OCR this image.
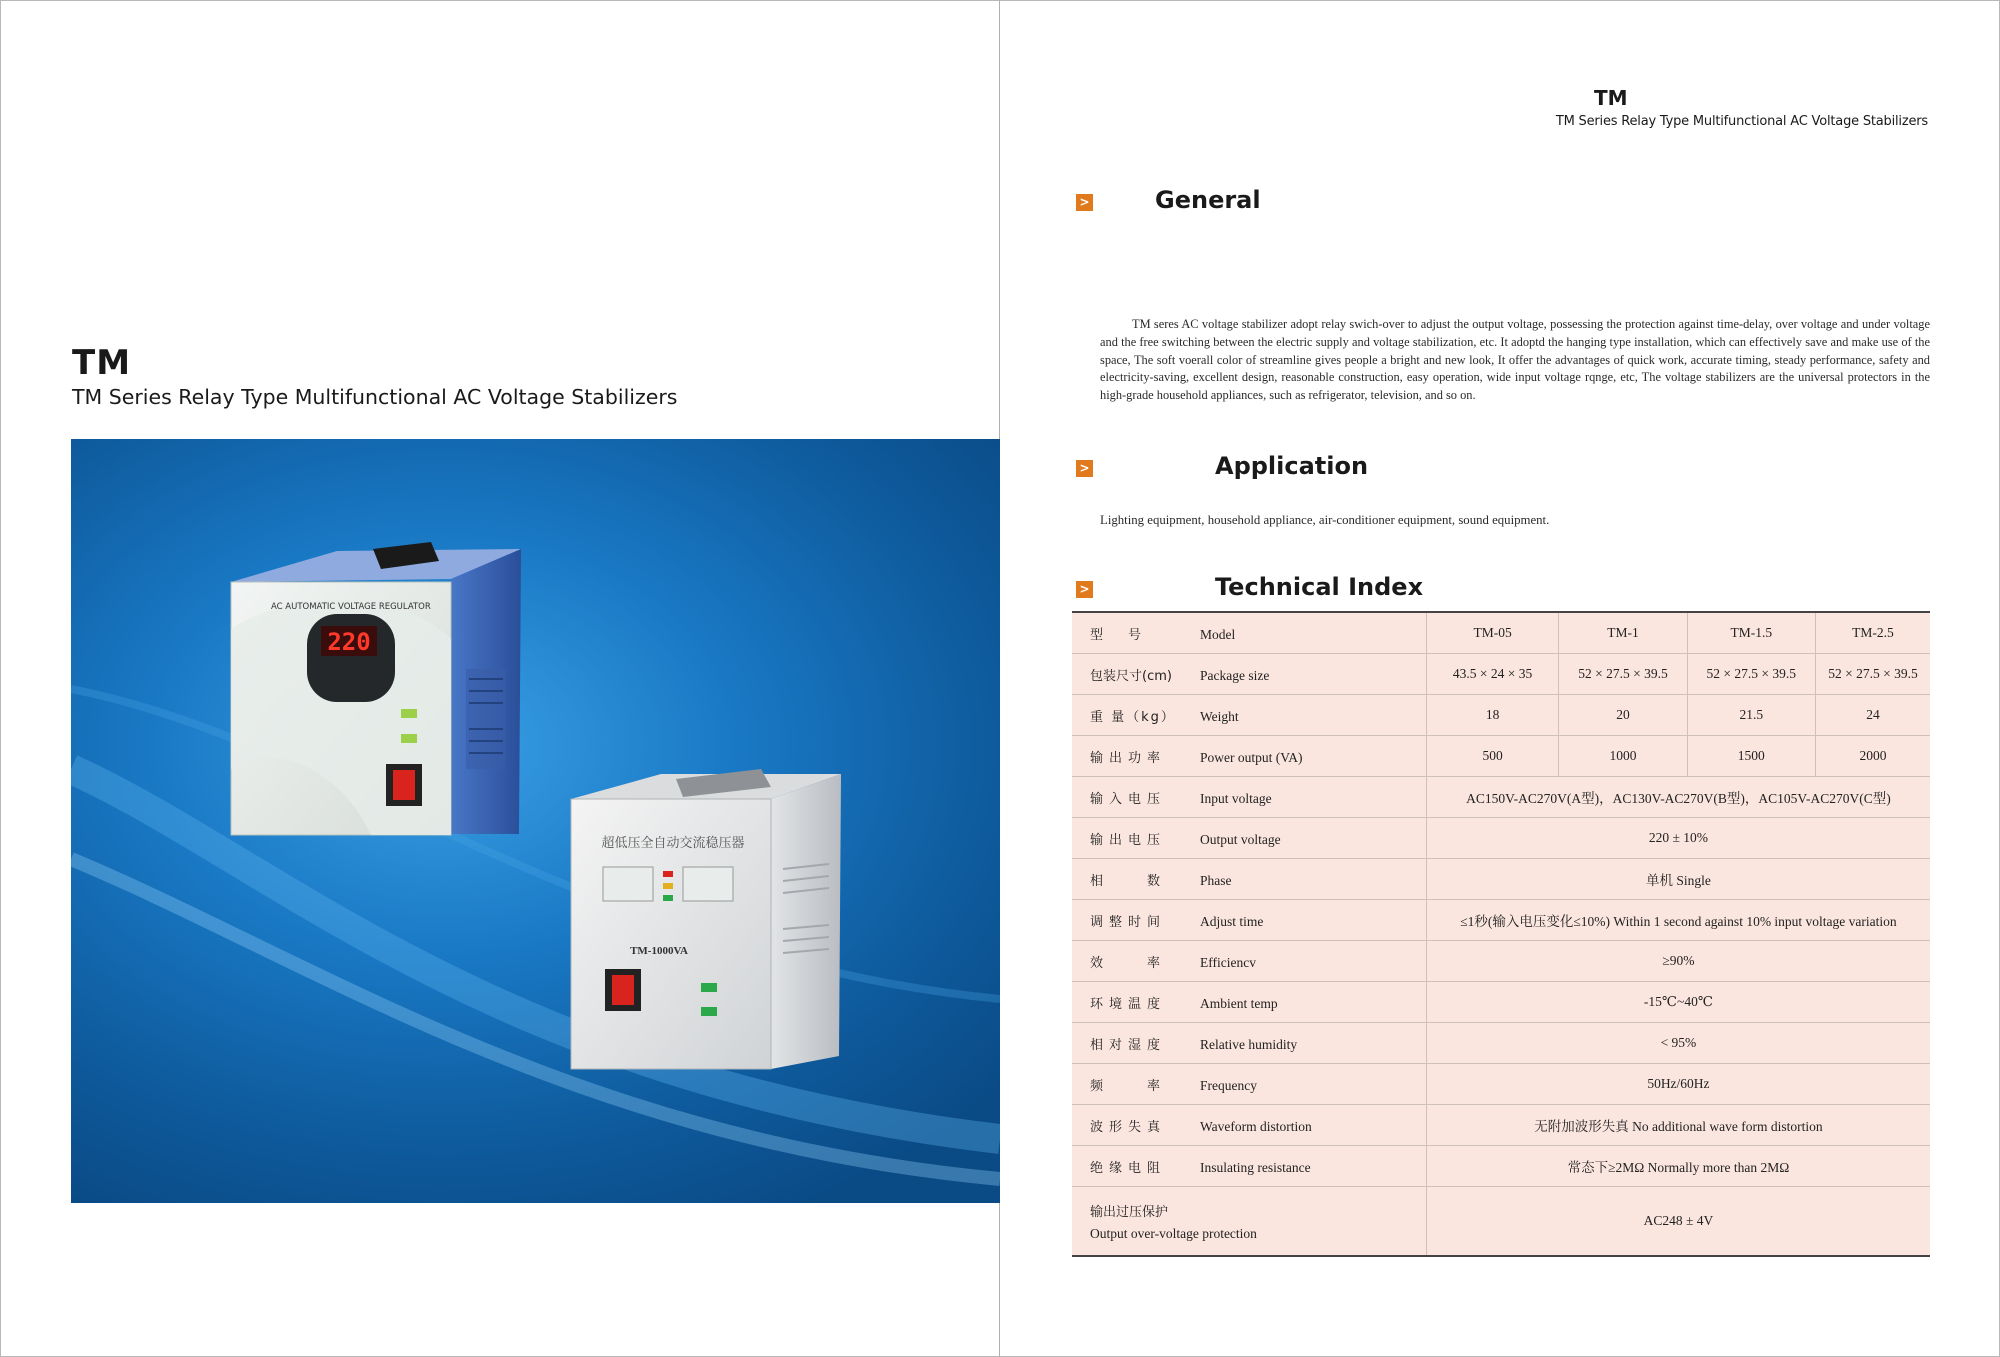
TM
TM Series Relay Type Multifunctional AC Voltage Stabilizers
220
AC AUTOMATIC VOLTAGE REGULATOR
超低压全自动交流稳压器
TM-1000VA
TM
TM Series Relay Type Multifunctional AC Voltage Stabilizers
>	General
TM seres AC voltage stabilizer adopt relay swich-over to adjust the output voltage, possessing the protection against time-delay, over voltage and under voltage and the free switching between the electric supply and voltage stabilization, etc. It adoptd the hanging type installation, which can effectively save and make use of the space, The soft voerall color of streamline gives people a bright and new look, It offer the advantages of quick work, accurate timing, steady performance, safety and electricity-saving, excellent design, reasonable construction, easy operation, wide input voltage rqnge, etc, The voltage stabilizers are the universal protectors in the high-grade household appliances, such as refrigerator, television, and so on.
>	Application
Lighting equipment, household appliance, air-conditioner equipment, sound equipment.
>	Technical Index
型　号 Model	TM-05	TM-1	TM-1.5	TM-2.5
包装尺寸(cm) Package size	43.5 × 24 × 35	52 × 27.5 × 39.5	52 × 27.5 × 39.5	52 × 27.5 × 39.5
重 量（kg） Weight	18	20	21.5	24
输出功率 Power output (VA)	500	1000	1500	2000
输入电压 Input voltage	AC150V-AC270V(A型)，AC130V-AC270V(B型)，AC105V-AC270V(C型)			
输出电压 Output voltage	220 ± 10%			
相　　数 Phase	单机 Single			
调整时间 Adjust time	≤1秒(输入电压变化≤10%) Within 1 second against 10% input voltage variation			
效　　率 Efficiencv	≥90%			
环境温度 Ambient temp	-15℃~40℃			
相对湿度 Relative humidity	< 95%			
频　　率 Frequency	50Hz/60Hz			
波形失真 Waveform distortion	无附加波形失真 No additional wave form distortion			
绝缘电阻 Insulating resistance	常态下≥2MΩ Normally more than 2MΩ			

输出过压保护
Output over-voltage protection	AC248 ± 4V			
